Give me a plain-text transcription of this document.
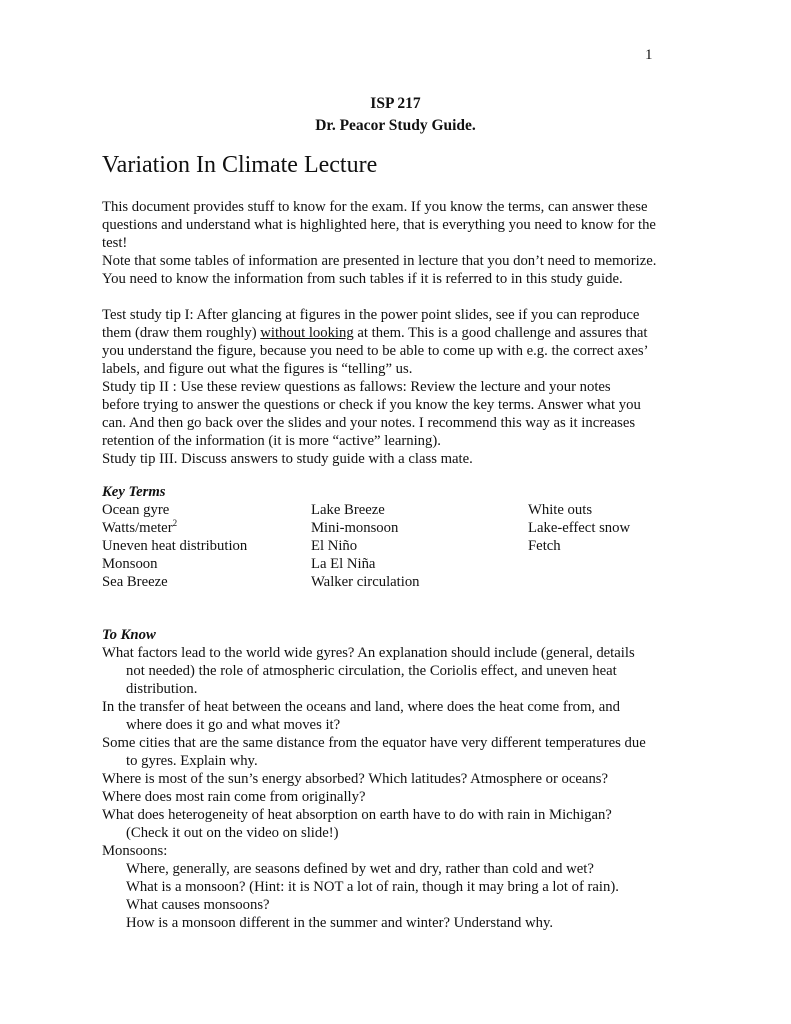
1
ISP 217
Dr. Peacor Study Guide.
Variation In Climate Lecture
This document provides stuff to know for the exam. If you know the terms, can answer these
questions and understand what is highlighted here, that is everything you need to know for the
test!
Note that some tables of information are presented in lecture that you don’t need to memorize.
You need to know the information from such tables if it is referred to in this study guide.
Test study tip I: After glancing at figures in the power point slides, see if you can reproduce
them (draw them roughly) without looking at them. This is a good challenge and assures that
you understand the figure, because you need to be able to come up with e.g. the correct axes’
labels, and figure out what the figures is “telling” us.
Study tip II : Use these review questions as fallows: Review the lecture and your notes
before trying to answer the questions or check if you know the key terms. Answer what you
can. And then go back over the slides and your notes. I recommend this way as it increases
retention of the information (it is more “active” learning).
Study tip III. Discuss answers to study guide with a class mate.
Key Terms
Ocean gyre
Watts/meter$^2$
Uneven heat distribution
Monsoon
Sea Breeze
Lake Breeze
Mini-monsoon
El Niño
La El Niña
Walker circulation
White outs
Lake-effect snow
Fetch
To Know
What factors lead to the world wide gyres? An explanation should include (general, details
not needed) the role of atmospheric circulation, the Coriolis effect, and uneven heat
distribution.
In the transfer of heat between the oceans and land, where does the heat come from, and
where does it go and what moves it?
Some cities that are the same distance from the equator have very different temperatures due
to gyres. Explain why.
Where is most of the sun’s energy absorbed? Which latitudes? Atmosphere or oceans?
Where does most rain come from originally?
What does heterogeneity of heat absorption on earth have to do with rain in Michigan?
(Check it out on the video on slide!)
Monsoons:
Where, generally, are seasons defined by wet and dry, rather than cold and wet?
What is a monsoon? (Hint: it is NOT a lot of rain, though it may bring a lot of rain).
What causes monsoons?
How is a monsoon different in the summer and winter? Understand why.
